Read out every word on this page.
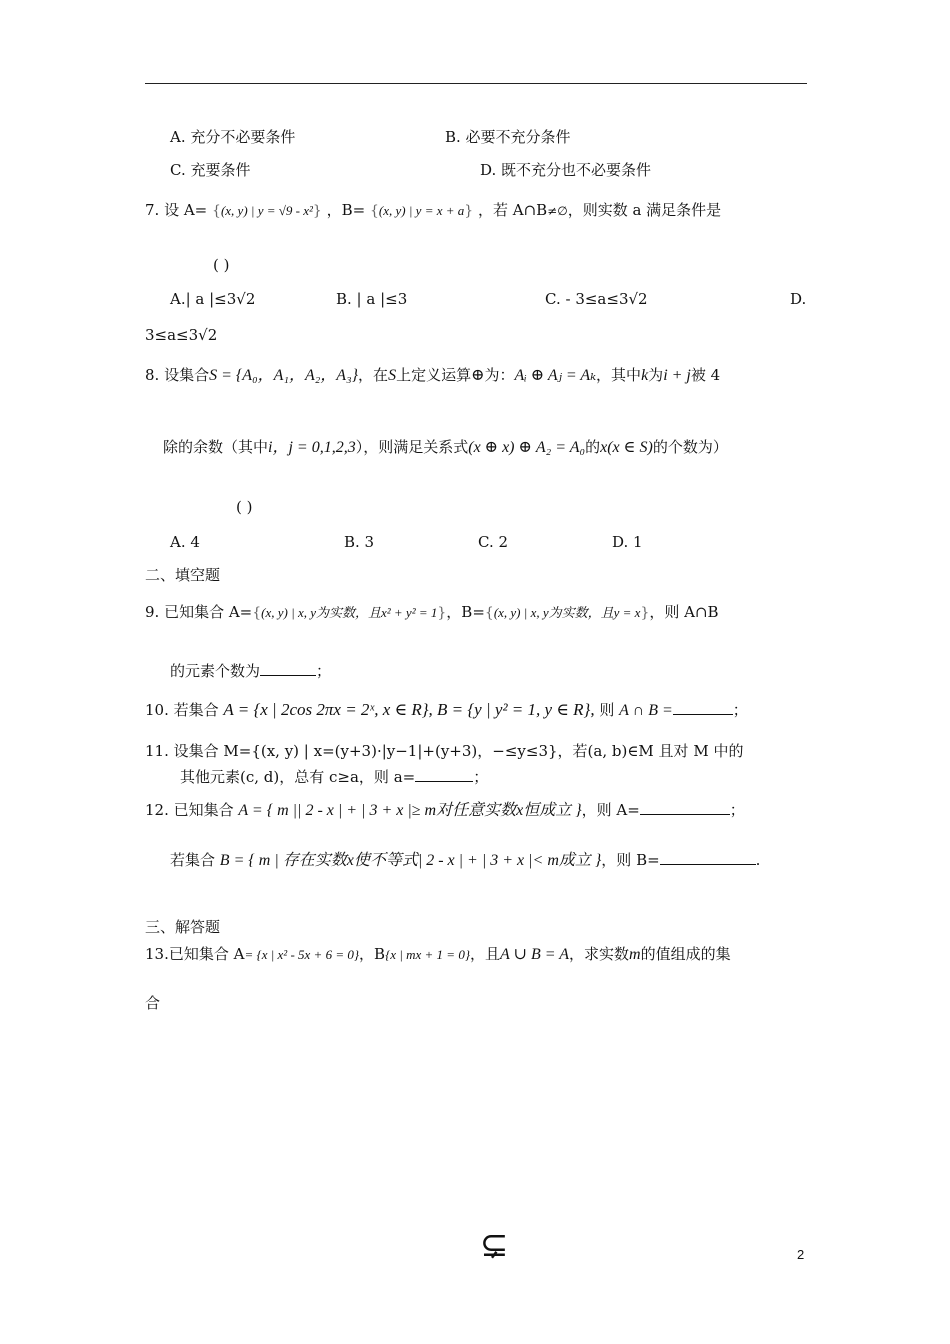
A. 充分不必要条件	B. 必要不充分条件
C. 充要条件	D. 既不充分也不必要条件
7. 设 A= {(x, y) | y = √9 - x²} ，B= {(x, y) | y = x + a} ，若 A∩B≠∅，则实数 a 满足条件是
( )
A.| a |≤3√2	B. | a |≤3	C. - 3≤a≤3√2	D.
3≤a≤3√2
8. 设集合S = {A₀，A₁，A₂，A₃}，在S上定义运算⊕为：Aᵢ ⊕ Aⱼ = Aₖ，其中k为i + j被 4
除的余数（其中i，j = 0,1,2,3），则满足关系式(x ⊕ x) ⊕ A₂ = A₀的x(x ∈ S)的个数为）
( )
A. 4	B. 3	C. 2	D. 1
二、填空题
9. 已知集合 A={(x, y) | x, y为实数，且x² + y² = 1}，B={(x, y) | x, y为实数，且y = x}，则 A∩B
的元素个数为	；
10. 若集合 A = {x | 2cos 2πx = 2ˣ, x ∈ R}, B = {y | y² = 1, y ∈ R}, 则 A ∩ B =	；
11. 设集合 M={(x, y) | x=(y+3)·|y−1|+(y+3)，−≤y≤3}，若(a, b)∈M 且对 M 中的
其他元素(c, d)，总有 c≥a，则 a=	；
12. 已知集合 A = { m || 2 - x | + | 3 + x |≥ m对任意实数x恒成立 }，则 A=	；
若集合 B = { m | 存在实数x使不等式| 2 - x | + | 3 + x |< m成立 }，则 B=	.
三、解答题
13.已知集合 A= {x | x² - 5x + 6 = 0}，B{x | mx + 1 = 0}，且A ∪ B = A，求实数m的值组成的集
合
⊊	2
